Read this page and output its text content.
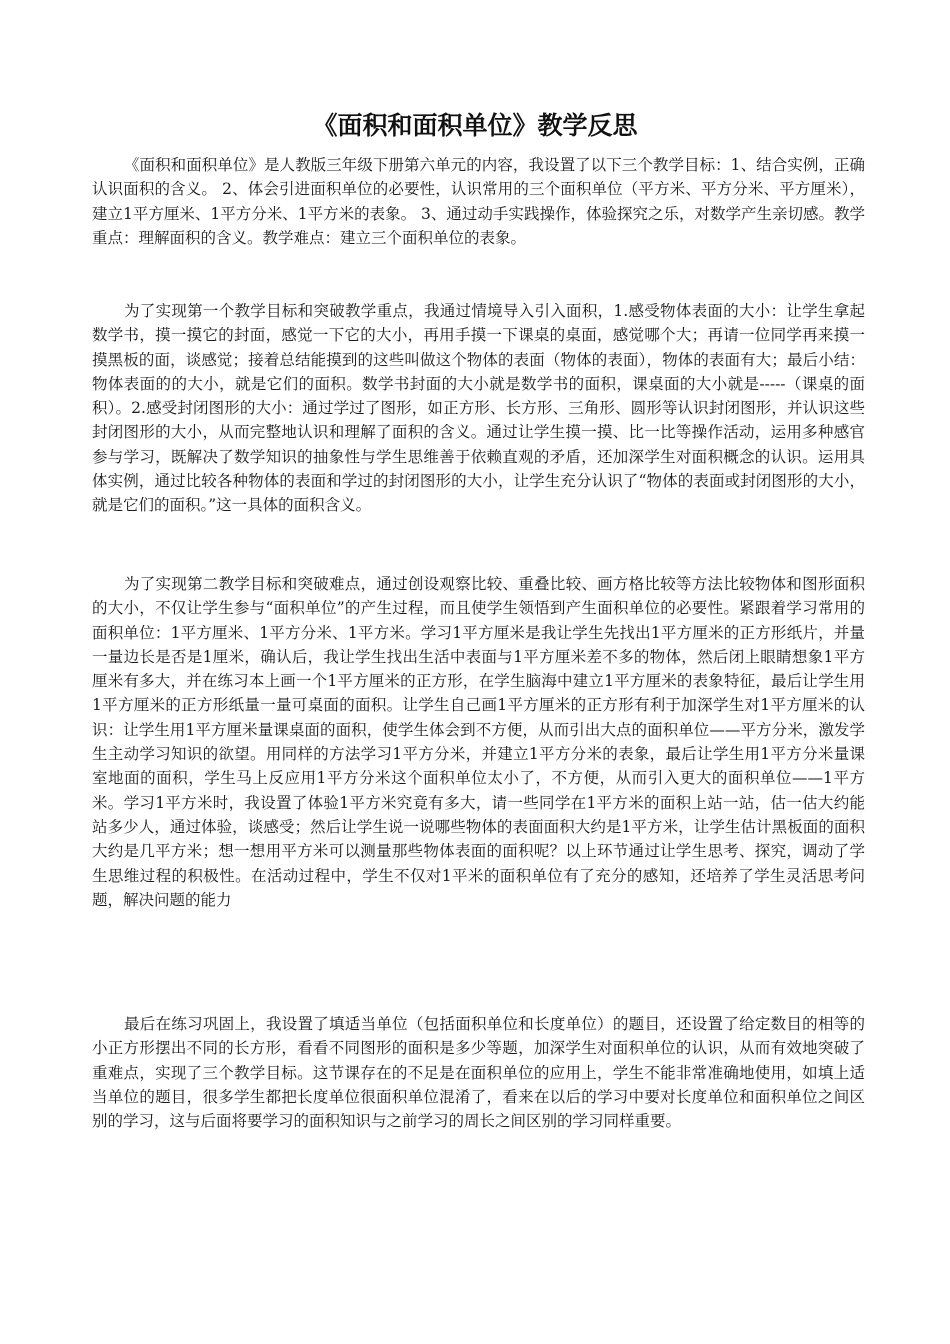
《面积和面积单位》教学反思

《面积和面积单位》是人教版三年级下册第六单元的内容，我设置了以下三个教学目标：1、结合实例，正确认识面积的含义。 2、体会引进面积单位的必要性，认识常用的三个面积单位（平方米、平方分米、平方厘米），建立1平方厘米、1平方分米、1平方米的表象。 3、通过动手实践操作，体验探究之乐，对数学产生亲切感。教学重点：理解面积的含义。教学难点：建立三个面积单位的表象。

为了实现第一个教学目标和突破教学重点，我通过情境导入引入面积，1.感受物体表面的大小：让学生拿起数学书，摸一摸它的封面，感觉一下它的大小，再用手摸一下课桌的桌面，感觉哪个大；再请一位同学再来摸一摸黑板的面，谈感觉；接着总结能摸到的这些叫做这个物体的表面（物体的表面），物体的表面有大；最后小结：物体表面的的大小，就是它们的面积。数学书封面的大小就是数学书的面积，课桌面的大小就是-----（课桌的面积）。2.感受封闭图形的大小：通过学过了图形，如正方形、长方形、三角形、圆形等认识封闭图形，并认识这些封闭图形的大小，从而完整地认识和理解了面积的含义。通过让学生摸一摸、比一比等操作活动，运用多种感官参与学习，既解决了数学知识的抽象性与学生思维善于依赖直观的矛盾，还加深学生对面积概念的认识。运用具体实例，通过比较各种物体的表面和学过的封闭图形的大小，让学生充分认识了“物体的表面或封闭图形的大小，就是它们的面积。”这一具体的面积含义。

为了实现第二教学目标和突破难点，通过创设观察比较、重叠比较、画方格比较等方法比较物体和图形面积的大小，不仅让学生参与“面积单位”的产生过程，而且使学生领悟到产生面积单位的必要性。紧跟着学习常用的面积单位：1平方厘米、1平方分米、1平方米。学习1平方厘米是我让学生先找出1平方厘米的正方形纸片，并量一量边长是否是1厘米，确认后，我让学生找出生活中表面与1平方厘米差不多的物体，然后闭上眼睛想象1平方厘米有多大，并在练习本上画一个1平方厘米的正方形，在学生脑海中建立1平方厘米的表象特征，最后让学生用1平方厘米的正方形纸量一量可桌面的面积。让学生自己画1平方厘米的正方形有利于加深学生对1平方厘米的认识：让学生用1平方厘米量课桌面的面积，使学生体会到不方便，从而引出大点的面积单位——平方分米，激发学生主动学习知识的欲望。用同样的方法学习1平方分米，并建立1平方分米的表象，最后让学生用1平方分米量课室地面的面积，学生马上反应用1平方分米这个面积单位太小了，不方便，从而引入更大的面积单位——1平方米。学习1平方米时，我设置了体验1平方米究竟有多大，请一些同学在1平方米的面积上站一站，估一估大约能站多少人，通过体验，谈感受；然后让学生说一说哪些物体的表面面积大约是1平方米，让学生估计黑板面的面积大约是几平方米；想一想用平方米可以测量那些物体表面的面积呢？以上环节通过让学生思考、探究，调动了学生思维过程的积极性。在活动过程中，学生不仅对1平米的面积单位有了充分的感知，还培养了学生灵活思考问题，解决问题的能力

最后在练习巩固上，我设置了填适当单位（包括面积单位和长度单位）的题目，还设置了给定数目的相等的小正方形摆出不同的长方形，看看不同图形的面积是多少等题，加深学生对面积单位的认识，从而有效地突破了重难点，实现了三个教学目标。这节课存在的不足是在面积单位的应用上，学生不能非常准确地使用，如填上适当单位的题目，很多学生都把长度单位很面积单位混淆了，看来在以后的学习中要对长度单位和面积单位之间区别的学习，这与后面将要学习的面积知识与之前学习的周长之间区别的学习同样重要。
